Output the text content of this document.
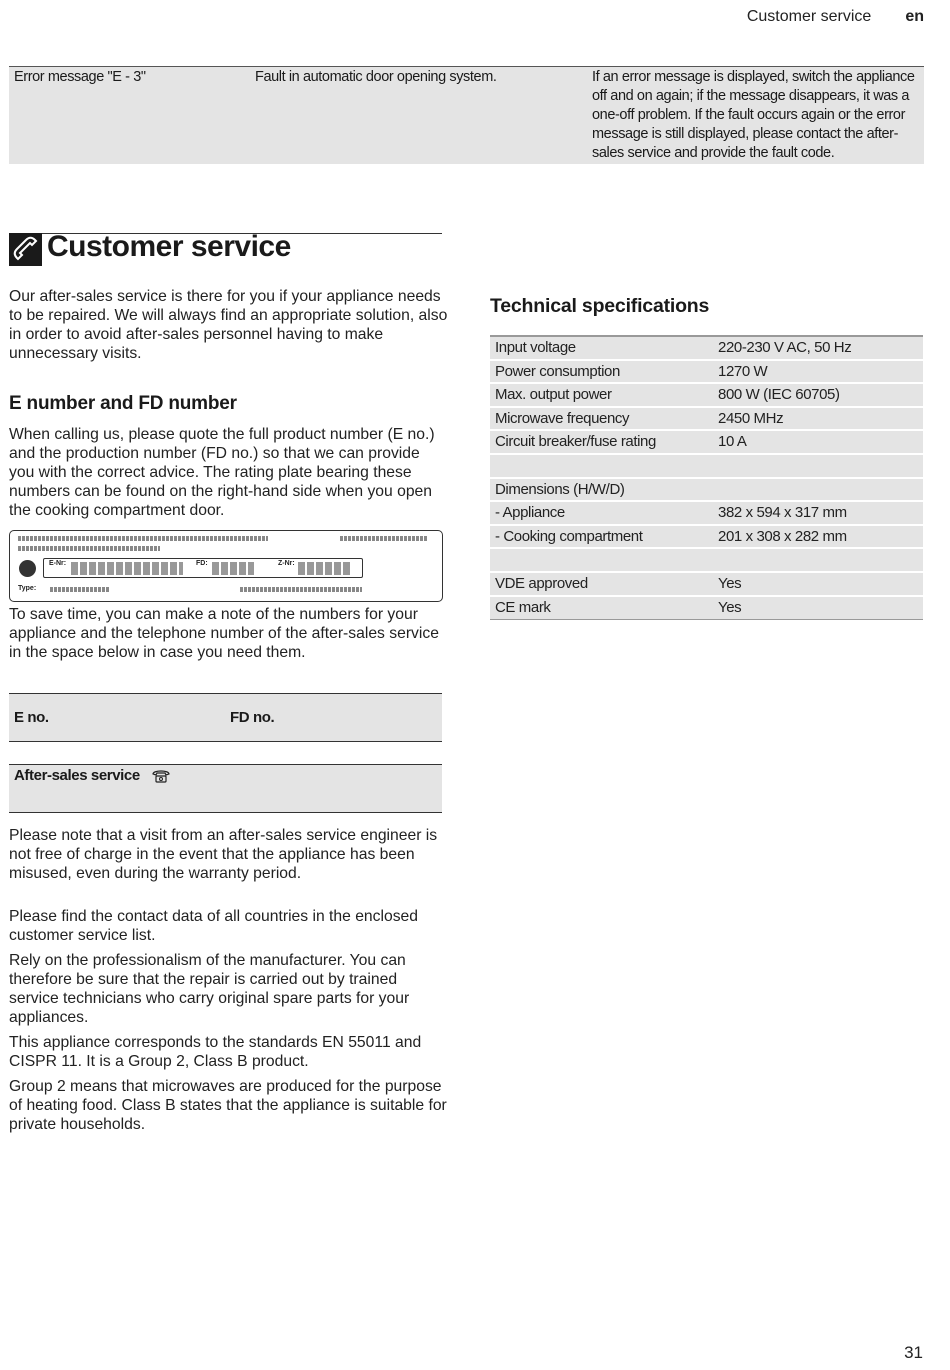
Customer service en
Error message "E - 3"	Fault in automatic door opening system.	If an error message is displayed, switch the appliance off and on again; if the message disappears, it was a one-off problem. If the fault occurs again or the error message is still displayed, please contact the after-sales service and provide the fault code.
Customer service

Our after-sales service is there for you if your appliance needs to be repaired. We will always find an appropriate solution, also in order to avoid after-sales personnel having to make unnecessary visits.

E number and FD number

When calling us, please quote the full product number (E no.) and the production number (FD no.) so that we can provide you with the correct advice. The rating plate bearing these numbers can be found on the right-hand side when you open the cooking compartment door.

E-Nr:	FD:	Z-Nr:
Type:

To save time, you can make a note of the numbers for your appliance and the telephone number of the after-sales service in the space below in case you need them.

E no.	FD no.
After-sales service

Please note that a visit from an after-sales service engineer is not free of charge in the event that the appliance has been misused, even during the warranty period.

Please find the contact data of all countries in the enclosed customer service list.

Rely on the professionalism of the manufacturer. You can therefore be sure that the repair is carried out by trained service technicians who carry original spare parts for your appliances.

This appliance corresponds to the standards EN 55011 and CISPR 11. It is a Group 2, Class B product.

Group 2 means that microwaves are produced for the purpose of heating food. Class B states that the appliance is suitable for private households.

Technical specifications
Input voltage	220-230 V AC, 50 Hz
Power consumption	1270 W
Max. output power	800 W (IEC 60705)
Microwave frequency	2450 MHz
Circuit breaker/fuse rating	10 A
Dimensions (H/W/D)
- Appliance	382 x 594 x 317 mm
- Cooking compartment	201 x 308 x 282 mm
VDE approved	Yes
CE mark	Yes
31
